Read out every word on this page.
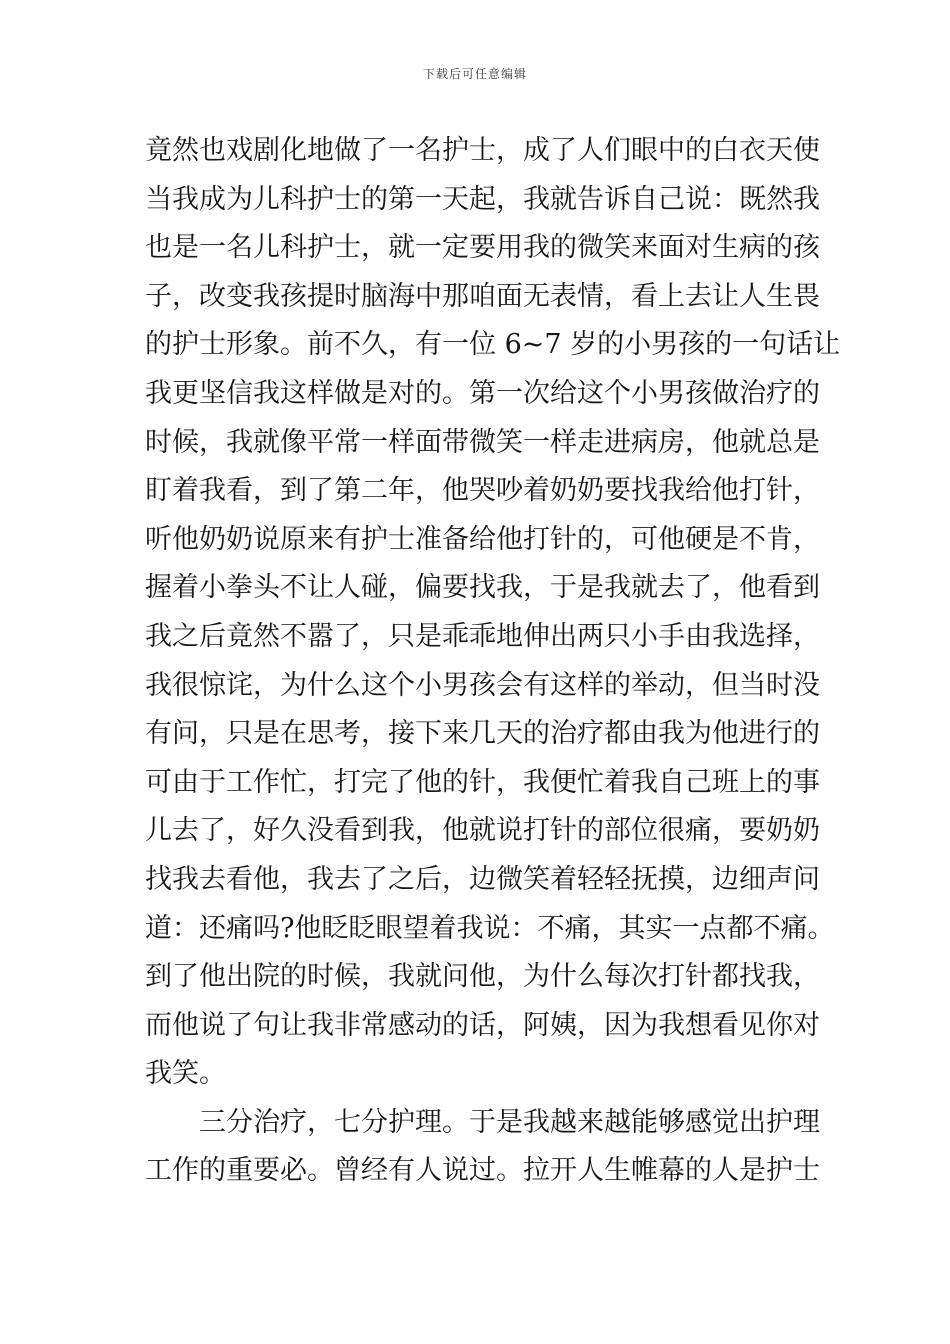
下载后可任意编辑
竟然也戏剧化地做了一名护士，成了人们眼中的白衣天使
当我成为儿科护士的第一天起，我就告诉自己说：既然我
也是一名儿科护士，就一定要用我的微笑来面对生病的孩
子，改变我孩提时脑海中那咱面无表情，看上去让人生畏
的护士形象。前不久，有一位 6~7 岁的小男孩的一句话让
我更坚信我这样做是对的。第一次给这个小男孩做治疗的
时候，我就像平常一样面带微笑一样走进病房，他就总是
盯着我看，到了第二年，他哭吵着奶奶要找我给他打针，
听他奶奶说原来有护士准备给他打针的，可他硬是不肯，
握着小拳头不让人碰，偏要找我，于是我就去了，他看到
我之后竟然不嚣了，只是乖乖地伸出两只小手由我选择，
我很惊诧，为什么这个小男孩会有这样的举动，但当时没
有问，只是在思考，接下来几天的治疗都由我为他进行的
可由于工作忙，打完了他的针，我便忙着我自己班上的事
儿去了，好久没看到我，他就说打针的部位很痛，要奶奶
找我去看他，我去了之后，边微笑着轻轻抚摸，边细声问
道：还痛吗?他眨眨眼望着我说：不痛，其实一点都不痛。
到了他出院的时候，我就问他，为什么每次打针都找我，
而他说了句让我非常感动的话，阿姨，因为我想看见你对
我笑。
三分治疗，七分护理。于是我越来越能够感觉出护理
工作的重要必。曾经有人说过。拉开人生帷幕的人是护士
